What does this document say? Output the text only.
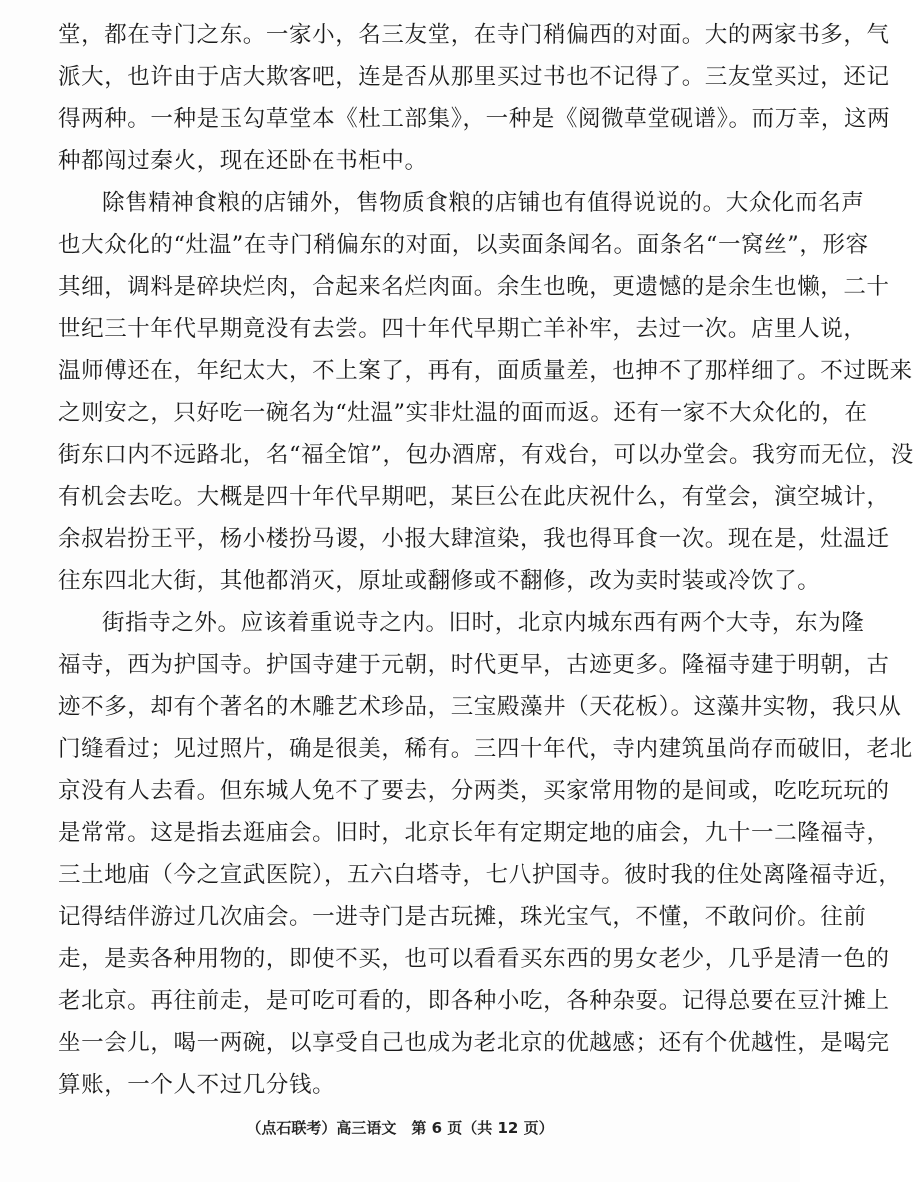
堂，都在寺门之东。一家小，名三友堂，在寺门稍偏西的对面。大的两家书多，气
派大，也许由于店大欺客吧，连是否从那里买过书也不记得了。三友堂买过，还记
得两种。一种是玉勾草堂本《杜工部集》，一种是《阅微草堂砚谱》。而万幸，这两
种都闯过秦火，现在还卧在书柜中。
除售精神食粮的店铺外，售物质食粮的店铺也有值得说说的。大众化而名声
也大众化的“灶温”在寺门稍偏东的对面，以卖面条闻名。面条名“一窝丝”，形容
其细，调料是碎块烂肉，合起来名烂肉面。余生也晚，更遗憾的是余生也懒，二十
世纪三十年代早期竟没有去尝。四十年代早期亡羊补牢，去过一次。店里人说，
温师傅还在，年纪太大，不上案了，再有，面质量差，也抻不了那样细了。不过既来
之则安之，只好吃一碗名为“灶温”实非灶温的面而返。还有一家不大众化的，在
街东口内不远路北，名“福全馆”，包办酒席，有戏台，可以办堂会。我穷而无位，没
有机会去吃。大概是四十年代早期吧，某巨公在此庆祝什么，有堂会，演空城计，
余叔岩扮王平，杨小楼扮马谡，小报大肆渲染，我也得耳食一次。现在是，灶温迁
往东四北大街，其他都消灭，原址或翻修或不翻修，改为卖时装或冷饮了。
街指寺之外。应该着重说寺之内。旧时，北京内城东西有两个大寺，东为隆
福寺，西为护国寺。护国寺建于元朝，时代更早，古迹更多。隆福寺建于明朝，古
迹不多，却有个著名的木雕艺术珍品，三宝殿藻井（天花板）。这藻井实物，我只从
门缝看过；见过照片，确是很美，稀有。三四十年代，寺内建筑虽尚存而破旧，老北
京没有人去看。但东城人免不了要去，分两类，买家常用物的是间或，吃吃玩玩的
是常常。这是指去逛庙会。旧时，北京长年有定期定地的庙会，九十一二隆福寺，
三土地庙（今之宣武医院），五六白塔寺，七八护国寺。彼时我的住处离隆福寺近，
记得结伴游过几次庙会。一进寺门是古玩摊，珠光宝气，不懂，不敢问价。往前
走，是卖各种用物的，即使不买，也可以看看买东西的男女老少，几乎是清一色的
老北京。再往前走，是可吃可看的，即各种小吃，各种杂耍。记得总要在豆汁摊上
坐一会儿，喝一两碗，以享受自己也成为老北京的优越感；还有个优越性，是喝完
算账，一个人不过几分钱。
（点石联考）高三语文　第 6 页（共 12 页）
